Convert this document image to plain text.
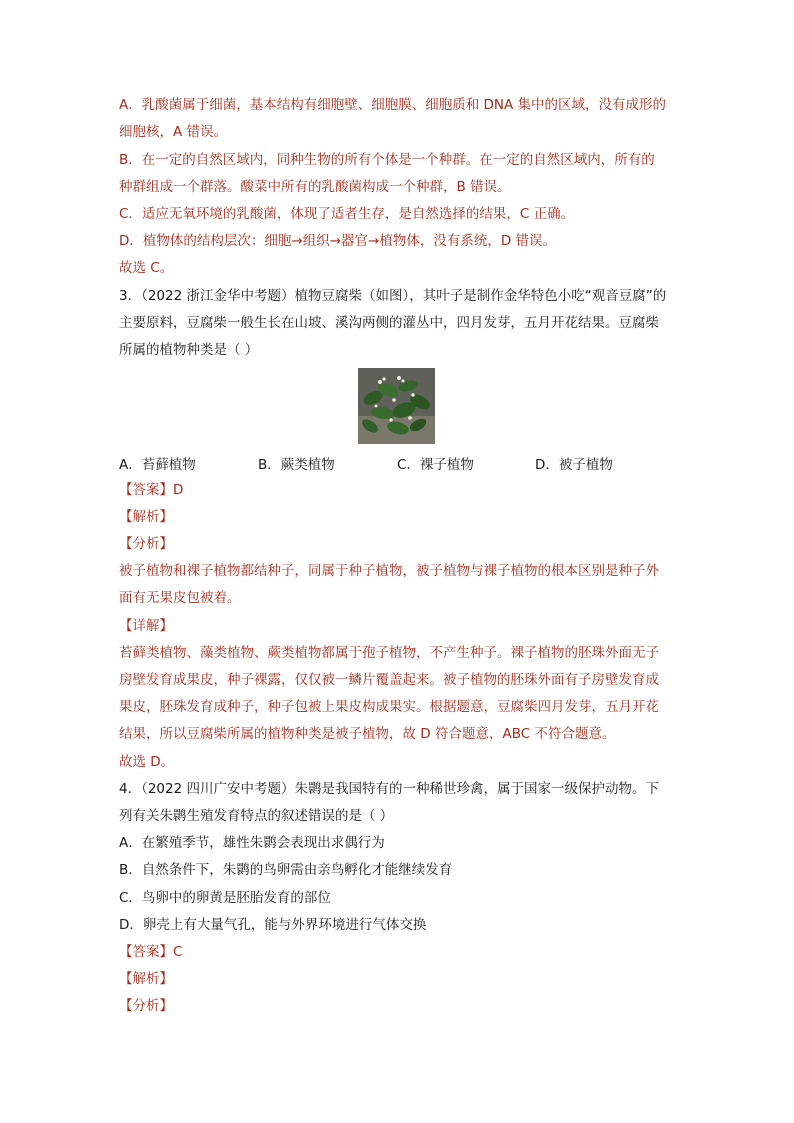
A．乳酸菌属于细菌，基本结构有细胞壁、细胞膜、细胞质和 DNA 集中的区域，没有成形的
细胞核，A 错误。
B．在一定的自然区域内，同种生物的所有个体是一个种群。在一定的自然区域内，所有的
种群组成一个群落。酸菜中所有的乳酸菌构成一个种群，B 错误。
C．适应无氧环境的乳酸菌，体现了适者生存，是自然选择的结果，C 正确。
D．植物体的结构层次：细胞→组织→器官→植物体，没有系统，D 错误。
故选 C。
3．（2022 浙江金华中考题）植物豆腐柴（如图），其叶子是制作金华特色小吃“观音豆腐”的
主要原料，豆腐柴一般生长在山坡、溪沟两侧的灌丛中，四月发芽，五月开花结果。豆腐柴
所属的植物种类是（ ）
A．苔藓植物	B．蕨类植物	C．裸子植物	D．被子植物
【答案】D
【解析】
【分析】
被子植物和裸子植物都结种子，同属于种子植物，被子植物与裸子植物的根本区别是种子外
面有无果皮包被着。
【详解】
苔藓类植物、藻类植物、蕨类植物都属于孢子植物，不产生种子。裸子植物的胚珠外面无子
房壁发育成果皮，种子裸露，仅仅被一鳞片覆盖起来。被子植物的胚珠外面有子房壁发育成
果皮，胚珠发育成种子，种子包被上果皮构成果实。根据题意，豆腐柴四月发芽，五月开花
结果，所以豆腐柴所属的植物种类是被子植物，故 D 符合题意，ABC 不符合题意。
故选 D。
4．（2022 四川广安中考题）朱鹮是我国特有的一种稀世珍禽，属于国家一级保护动物。下
列有关朱鹮生殖发育特点的叙述错误的是（ ）
A．在繁殖季节，雄性朱鹮会表现出求偶行为
B．自然条件下，朱鹮的鸟卵需由亲鸟孵化才能继续发育
C．鸟卵中的卵黄是胚胎发育的部位
D．卵壳上有大量气孔，能与外界环境进行气体交换
【答案】C
【解析】
【分析】
